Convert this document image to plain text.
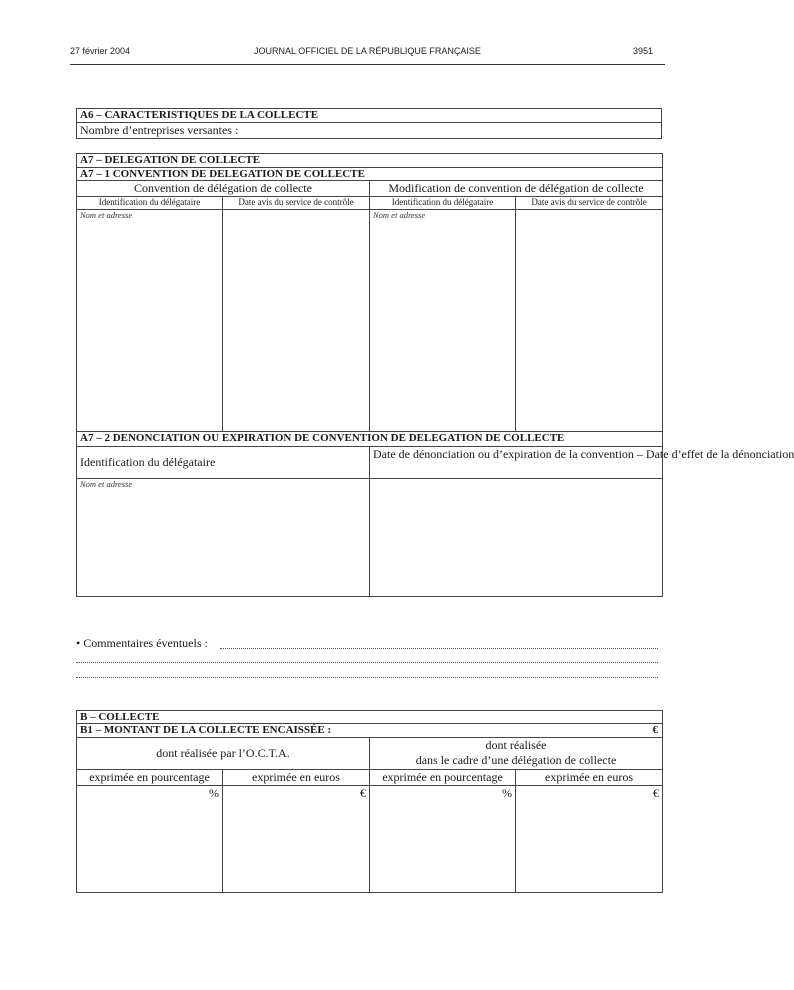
27 février 2004	JOURNAL OFFICIEL DE LA RÉPUBLIQUE FRANÇAISE	3951
A6 – CARACTERISTIQUES DE LA COLLECTE
Nombre d’entreprises versantes :
A7 – DELEGATION DE COLLECTE			
A7 – 1 CONVENTION DE DELEGATION DE COLLECTE			
Convention de délégation de collecte		Modification de convention de délégation de collecte	
Identification du délégataire	Date avis du service de contrôle	Identification du délégataire	Date avis du service de contrôle
Nom et adresse		Nom et adresse	
A7 – 2 DENONCIATION OU EXPIRATION DE CONVENTION DE DELEGATION DE COLLECTE			
Identification du délégataire		Date de dénonciation ou d’expiration de la convention – Date d’effet de la dénonciation	
Nom et adresse			
• Commentaires éventuels :
B – COLLECTE			
B1 – MONTANT DE LA COLLECTE ENCAISSÉE : €			

dont réalisée par l’O.C.T.A.		dont réalisée
dans le cadre d’une délégation de collecte	

exprimée en pourcentage	exprimée en euros	exprimée en pourcentage	exprimée en euros
%	€	%	€
